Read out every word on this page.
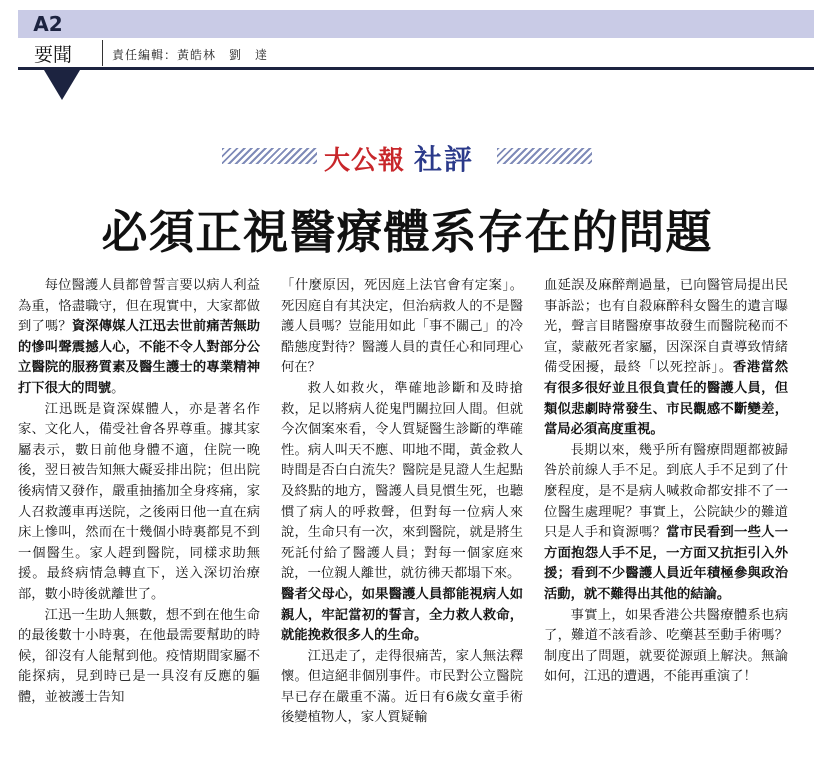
A2
要聞	責任編輯：黃皓林　劉　達
大公報 社評
必須正視醫療體系存在的問題

每位醫護人員都曾誓言要以病人利益為重，恪盡職守，但在現實中，大家都做到了嗎？資深傳媒人江迅去世前痛苦無助的慘叫聲震撼人心，不能不令人對部分公立醫院的服務質素及醫生護士的專業精神打下很大的問號。

江迅既是資深媒體人，亦是著名作家、文化人，備受社會各界尊重。據其家屬表示，數日前他身體不適，住院一晚後，翌日被告知無大礙妥排出院；但出院後病情又發作，嚴重抽搐加全身疼痛，家人召救護車再送院，之後兩日他一直在病床上慘叫，然而在十幾個小時裏都見不到一個醫生。家人趕到醫院，同樣求助無援。最終病情急轉直下，送入深切治療部，數小時後就離世了。

江迅一生助人無數，想不到在他生命的最後數十小時裏，在他最需要幫助的時候，卻沒有人能幫到他。疫情期間家屬不能探病，見到時已是一具沒有反應的軀體，並被護士告知

「什麼原因，死因庭上法官會有定案」。死因庭自有其決定，但治病救人的不是醫護人員嗎？豈能用如此「事不關己」的冷酷態度對待？醫護人員的責任心和同理心何在？

救人如救火，準確地診斷和及時搶救，足以將病人從鬼門關拉回人間。但就今次個案來看，令人質疑醫生診斷的準確性。病人叫天不應、叩地不聞，黃金救人時間是否白白流失？醫院是見證人生起點及終點的地方，醫護人員見慣生死，也聽慣了病人的呼救聲，但對每一位病人來說，生命只有一次，來到醫院，就是將生死託付給了醫護人員；對每一個家庭來說，一位親人離世，就彷彿天都塌下來。

醫者父母心，如果醫護人員都能視病人如親人，牢記當初的誓言，全力救人救命，就能挽救很多人的生命。

江迅走了，走得很痛苦，家人無法釋懷。但這絕非個別事件。市民對公立醫院早已存在嚴重不滿。近日有6歲女童手術後變植物人，家人質疑輸

血延誤及麻醉劑過量，已向醫管局提出民事訴訟；也有自殺麻醉科女醫生的遺言曝光，聲言目睹醫療事故發生而醫院秘而不宣，蒙蔽死者家屬，因深深自責導致情緒備受困擾，最終「以死控訴」。香港當然有很多很好並且很負責任的醫護人員，但類似悲劇時常發生、市民觀感不斷變差，當局必須高度重視。

長期以來，幾乎所有醫療問題都被歸咎於前線人手不足。到底人手不足到了什麼程度，是不是病人喊救命都安排不了一位醫生處理呢？事實上，公院缺少的難道只是人手和資源嗎？當市民看到一些人一方面抱怨人手不足，一方面又抗拒引入外援；看到不少醫護人員近年積極參與政治活動，就不難得出其他的結論。

事實上，如果香港公共醫療體系也病了，難道不該看診、吃藥甚至動手術嗎？制度出了問題，就要從源頭上解決。無論如何，江迅的遭遇，不能再重演了！
